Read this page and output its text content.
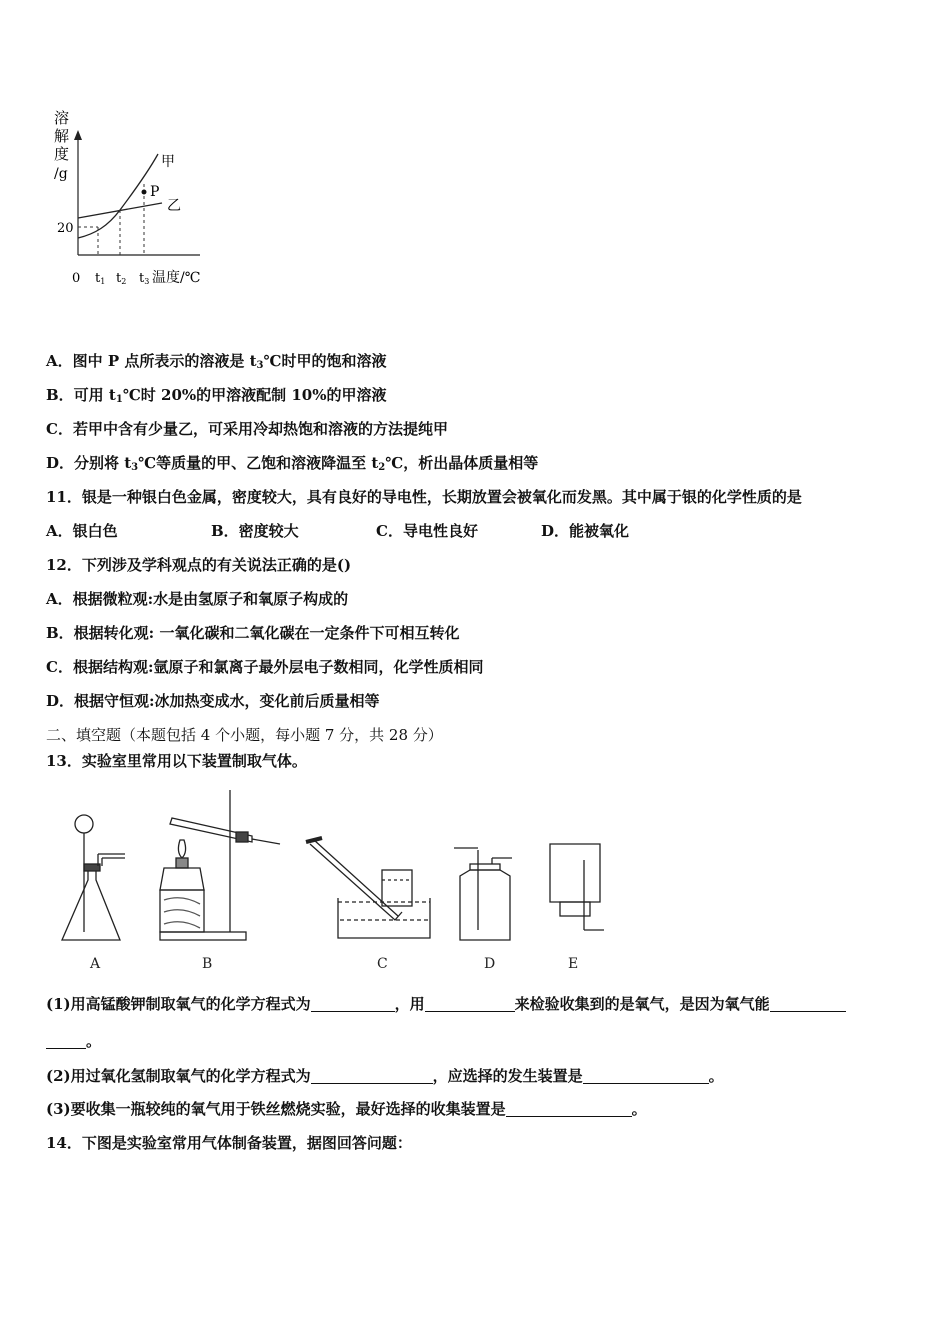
溶
解
度
/g
P
甲
乙
20
0 t1 t2 t3 温度/℃
A．图中 P 点所表示的溶液是 $t_3℃$时甲的饱和溶液
B．可用 $t_1℃$时 20%的甲溶液配制 10%的甲溶液
C．若甲中含有少量乙，可采用冷却热饱和溶液的方法提纯甲
D．分别将 $t_3℃$等质量的甲、乙饱和溶液降温至 $t_2℃$，析出晶体质量相等
11．银是一种银白色金属，密度较大，具有良好的导电性，长期放置会被氧化而发黑。其中属于银的化学性质的是
A．银白色	B．密度较大	C．导电性良好	D．能被氧化
12．下列涉及学科观点的有关说法正确的是()
A．根据微粒观:水是由氢原子和氧原子构成的
B．根据转化观: 一氧化碳和二氧化碳在一定条件下可相互转化
C．根据结构观:氩原子和氯离子最外层电子数相同，化学性质相同
D．根据守恒观:冰加热变成水，变化前后质量相等
二、填空题（本题包括 4 个小题，每小题 7 分，共 28 分）
13．实验室里常用以下装置制取气体。
A	B	C	D	E
(1)用高锰酸钾制取氧气的化学方程式为	，用	来检验收集到的是氧气，是因为氧气能
。
(2)用过氧化氢制取氧气的化学方程式为	，应选择的发生装置是	。
(3)要收集一瓶较纯的氧气用于铁丝燃烧实验，最好选择的收集装置是	。
14．下图是实验室常用气体制备装置，据图回答问题：
